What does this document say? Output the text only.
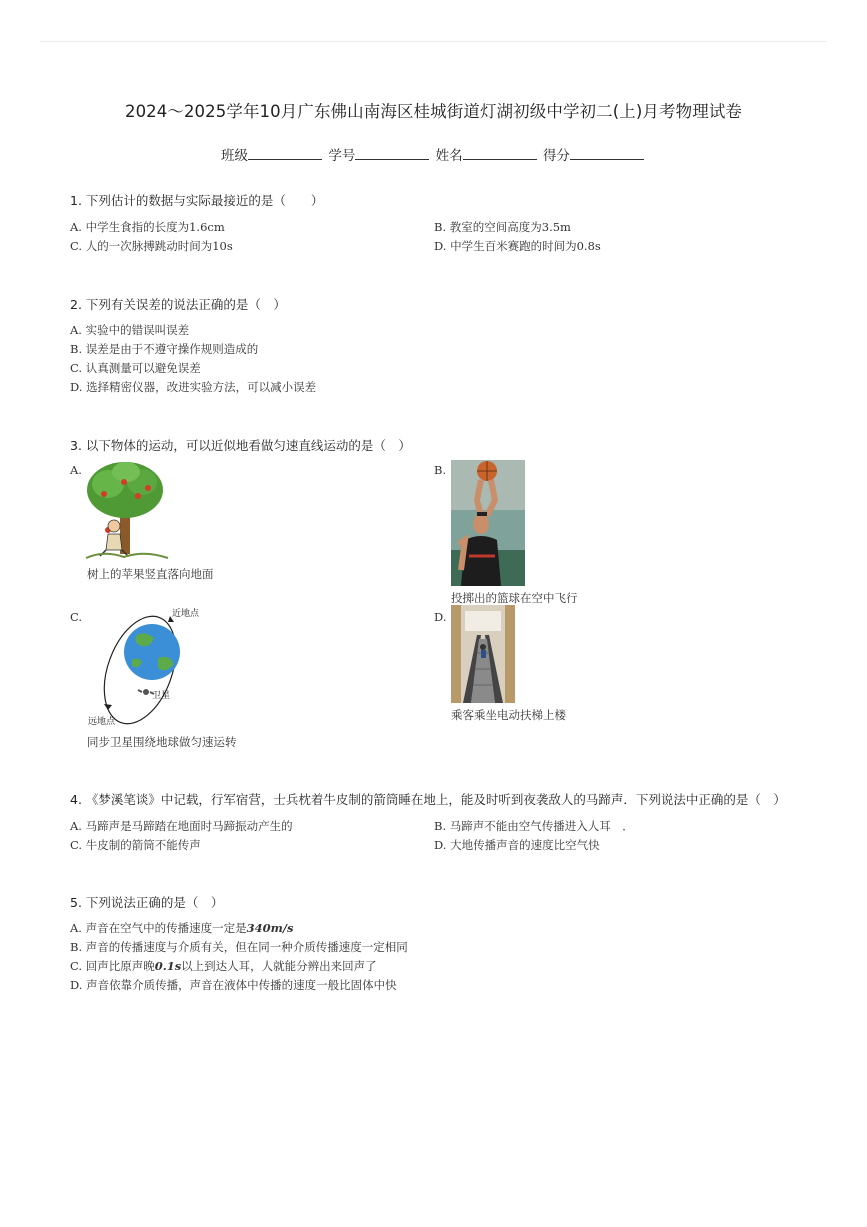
2024～2025学年10月广东佛山南海区桂城街道灯湖初级中学初二(上)月考物理试卷
班级	学号	姓名	得分
1. 下列估计的数据与实际最接近的是（　　）
A. 中学生食指的长度为1.6cm	B. 教室的空间高度为3.5m
C. 人的一次脉搏跳动时间为10s	D. 中学生百米赛跑的时间为0.8s
2. 下列有关误差的说法正确的是（　）
A. 实验中的错误叫误差
B. 误差是由于不遵守操作规则造成的
C. 认真测量可以避免误差
D. 选择精密仪器，改进实验方法，可以减小误差
3. 以下物体的运动，可以近似地看做匀速直线运动的是（　）
A.
树上的苹果竖直落向地面
B.
投掷出的篮球在空中飞行
C.	近地点
卫星
远地点
同步卫星围绕地球做匀速运转
D.
乘客乘坐电动扶梯上楼
4. 《梦溪笔谈》中记载，行军宿营，士兵枕着牛皮制的箭筒睡在地上，能及时听到夜袭敌人的马蹄声．下列说法中正确的是（　）
A. 马蹄声是马蹄踏在地面时马蹄振动产生的	B. 马蹄声不能由空气传播进入人耳　．
C. 牛皮制的箭筒不能传声	D. 大地传播声音的速度比空气快
5. 下列说法正确的是（　）
A. 声音在空气中的传播速度一定是340m/s
B. 声音的传播速度与介质有关，但在同一种介质传播速度一定相同
C. 回声比原声晚0.1s以上到达人耳，人就能分辨出来回声了
D. 声音依靠介质传播，声音在液体中传播的速度一般比固体中快
